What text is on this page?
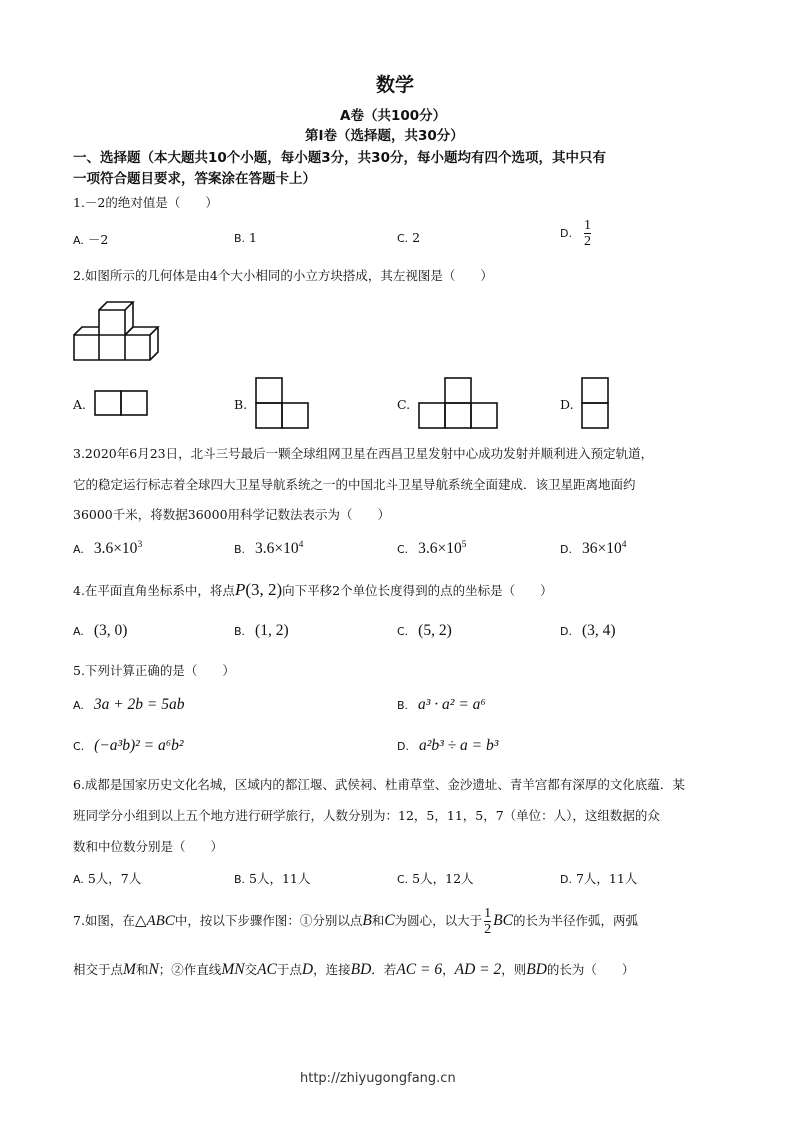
数学
A卷（共100分）
第Ⅰ卷（选择题，共30分）
一、选择题（本大题共10个小题，每小题3分，共30分，每小题均有四个选项，其中只有
一项符合题目要求，答案涂在答题卡上）
1.－2的绝对值是（　　）
A. －2	B. 1	C. 2	D. $\frac{1}{2}$
2.如图所示的几何体是由4个大小相同的小立方块搭成，其左视图是（　　）
A.	B.	C.	D.
3.2020年6月23日，北斗三号最后一颗全球组网卫星在西昌卫星发射中心成功发射并顺利进入预定轨道，
它的稳定运行标志着全球四大卫星导航系统之一的中国北斗卫星导航系统全面建成．该卫星距离地面约
36000千米，将数据36000用科学记数法表示为（　　）
A. $3.6\times 10^3$	B. $3.6\times 10^4$	C. $3.6\times 10^5$	D. $36\times 10^4$
4.在平面直角坐标系中，将点P(3, 2)向下平移2个单位长度得到的点的坐标是（　　）
A. (3, 0)	B. (1, 2)	C. (5, 2)	D. (3, 4)
5.下列计算正确的是（　　）
A. 3a + 2b = 5ab	B. a³ · a² = a⁶
C. (−a³b)² = a⁶b²	D. a²b³ ÷ a = b³
6.成都是国家历史文化名城，区域内的都江堰、武侯祠、杜甫草堂、金沙遗址、青羊宫都有深厚的文化底蕴．某
班同学分小组到以上五个地方进行研学旅行，人数分别为：12，5，11，5，7（单位：人），这组数据的众
数和中位数分别是（　　）
A. 5人，7人	B. 5人，11人	C. 5人，12人	D. 7人，11人
7.如图，在△ABC中，按以下步骤作图：①分别以点B和C为圆心，以大于 $\frac{1}{2}$ BC的长为半径作弧，两弧
相交于点M和N；②作直线MN交AC于点D，连接BD．若AC = 6，AD = 2，则BD的长为（　　）
http://zhiyugongfang.cn
